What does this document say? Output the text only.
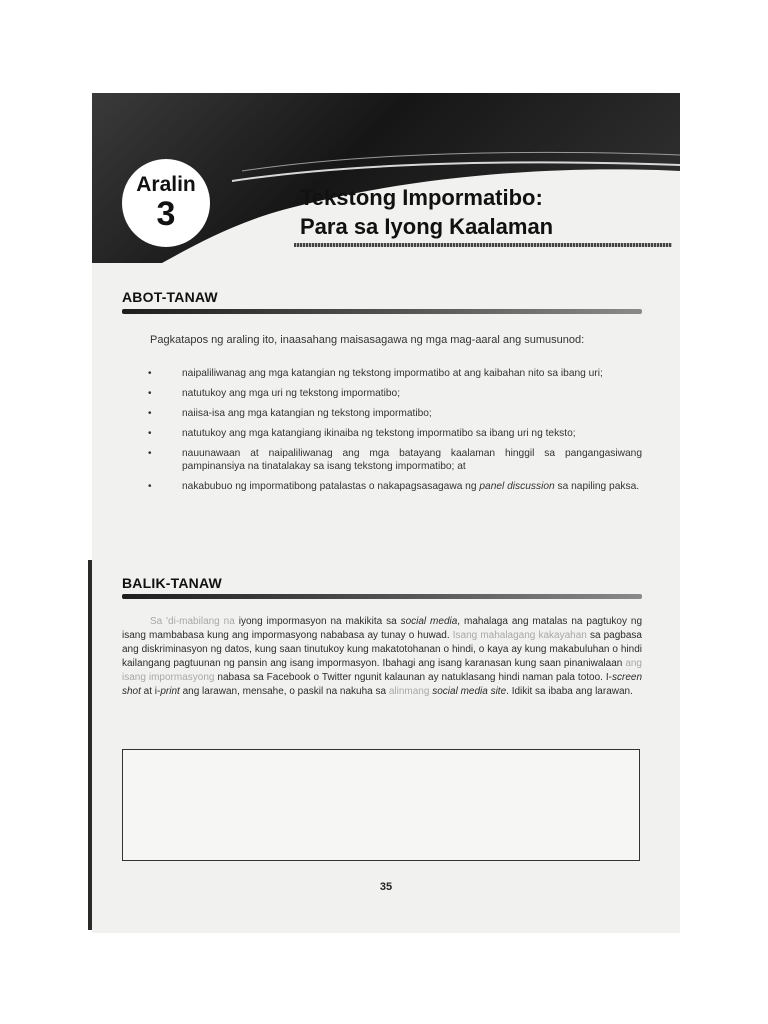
Aralin
3	Tekstong Impormatibo:
Para sa Iyong Kaalaman
ABOT-TANAW
Pagkatapos ng araling ito, inaasahang maisasagawa ng mga mag-aaral ang sumusunod:
•	naipaliliwanag ang mga katangian ng tekstong impormatibo at ang kaibahan nito sa ibang uri;
•	natutukoy ang mga uri ng tekstong impormatibo;
•	naiisa-isa ang mga katangian ng tekstong impormatibo;
•	natutukoy ang mga katangiang ikinaiba ng tekstong impormatibo sa ibang uri ng teksto;
•	nauunawaan at naipaliliwanag ang mga batayang kaalaman hinggil sa pangangasiwang pampinansiya na tinatalakay sa isang tekstong impormatibo; at
•	nakabubuo ng impormatibong patalastas o nakapagsasagawa ng panel discussion sa napiling paksa.
BALIK-TANAW
Sa 'di-mabilang na iyong impormasyon na makikita sa social media, mahalaga ang matalas na pagtukoy ng isang mambabasa kung ang impormasyong nababasa ay tunay o huwad. Isang mahalagang kakayahan sa pagbasa ang diskriminasyon ng datos, kung saan tinutukoy kung makatotohanan o hindi, o kaya ay kung makabuluhan o hindi kailangang pagtuunan ng pansin ang isang impormasyon. Ibahagi ang isang karanasan kung saan pinaniwalaan ang isang impormasyong nabasa sa Facebook o Twitter ngunit kalaunan ay natuklasang hindi naman pala totoo. I-screen shot at i-print ang larawan, mensahe, o paskil na nakuha sa alinmang social media site. Idikit sa ibaba ang larawan.
35
